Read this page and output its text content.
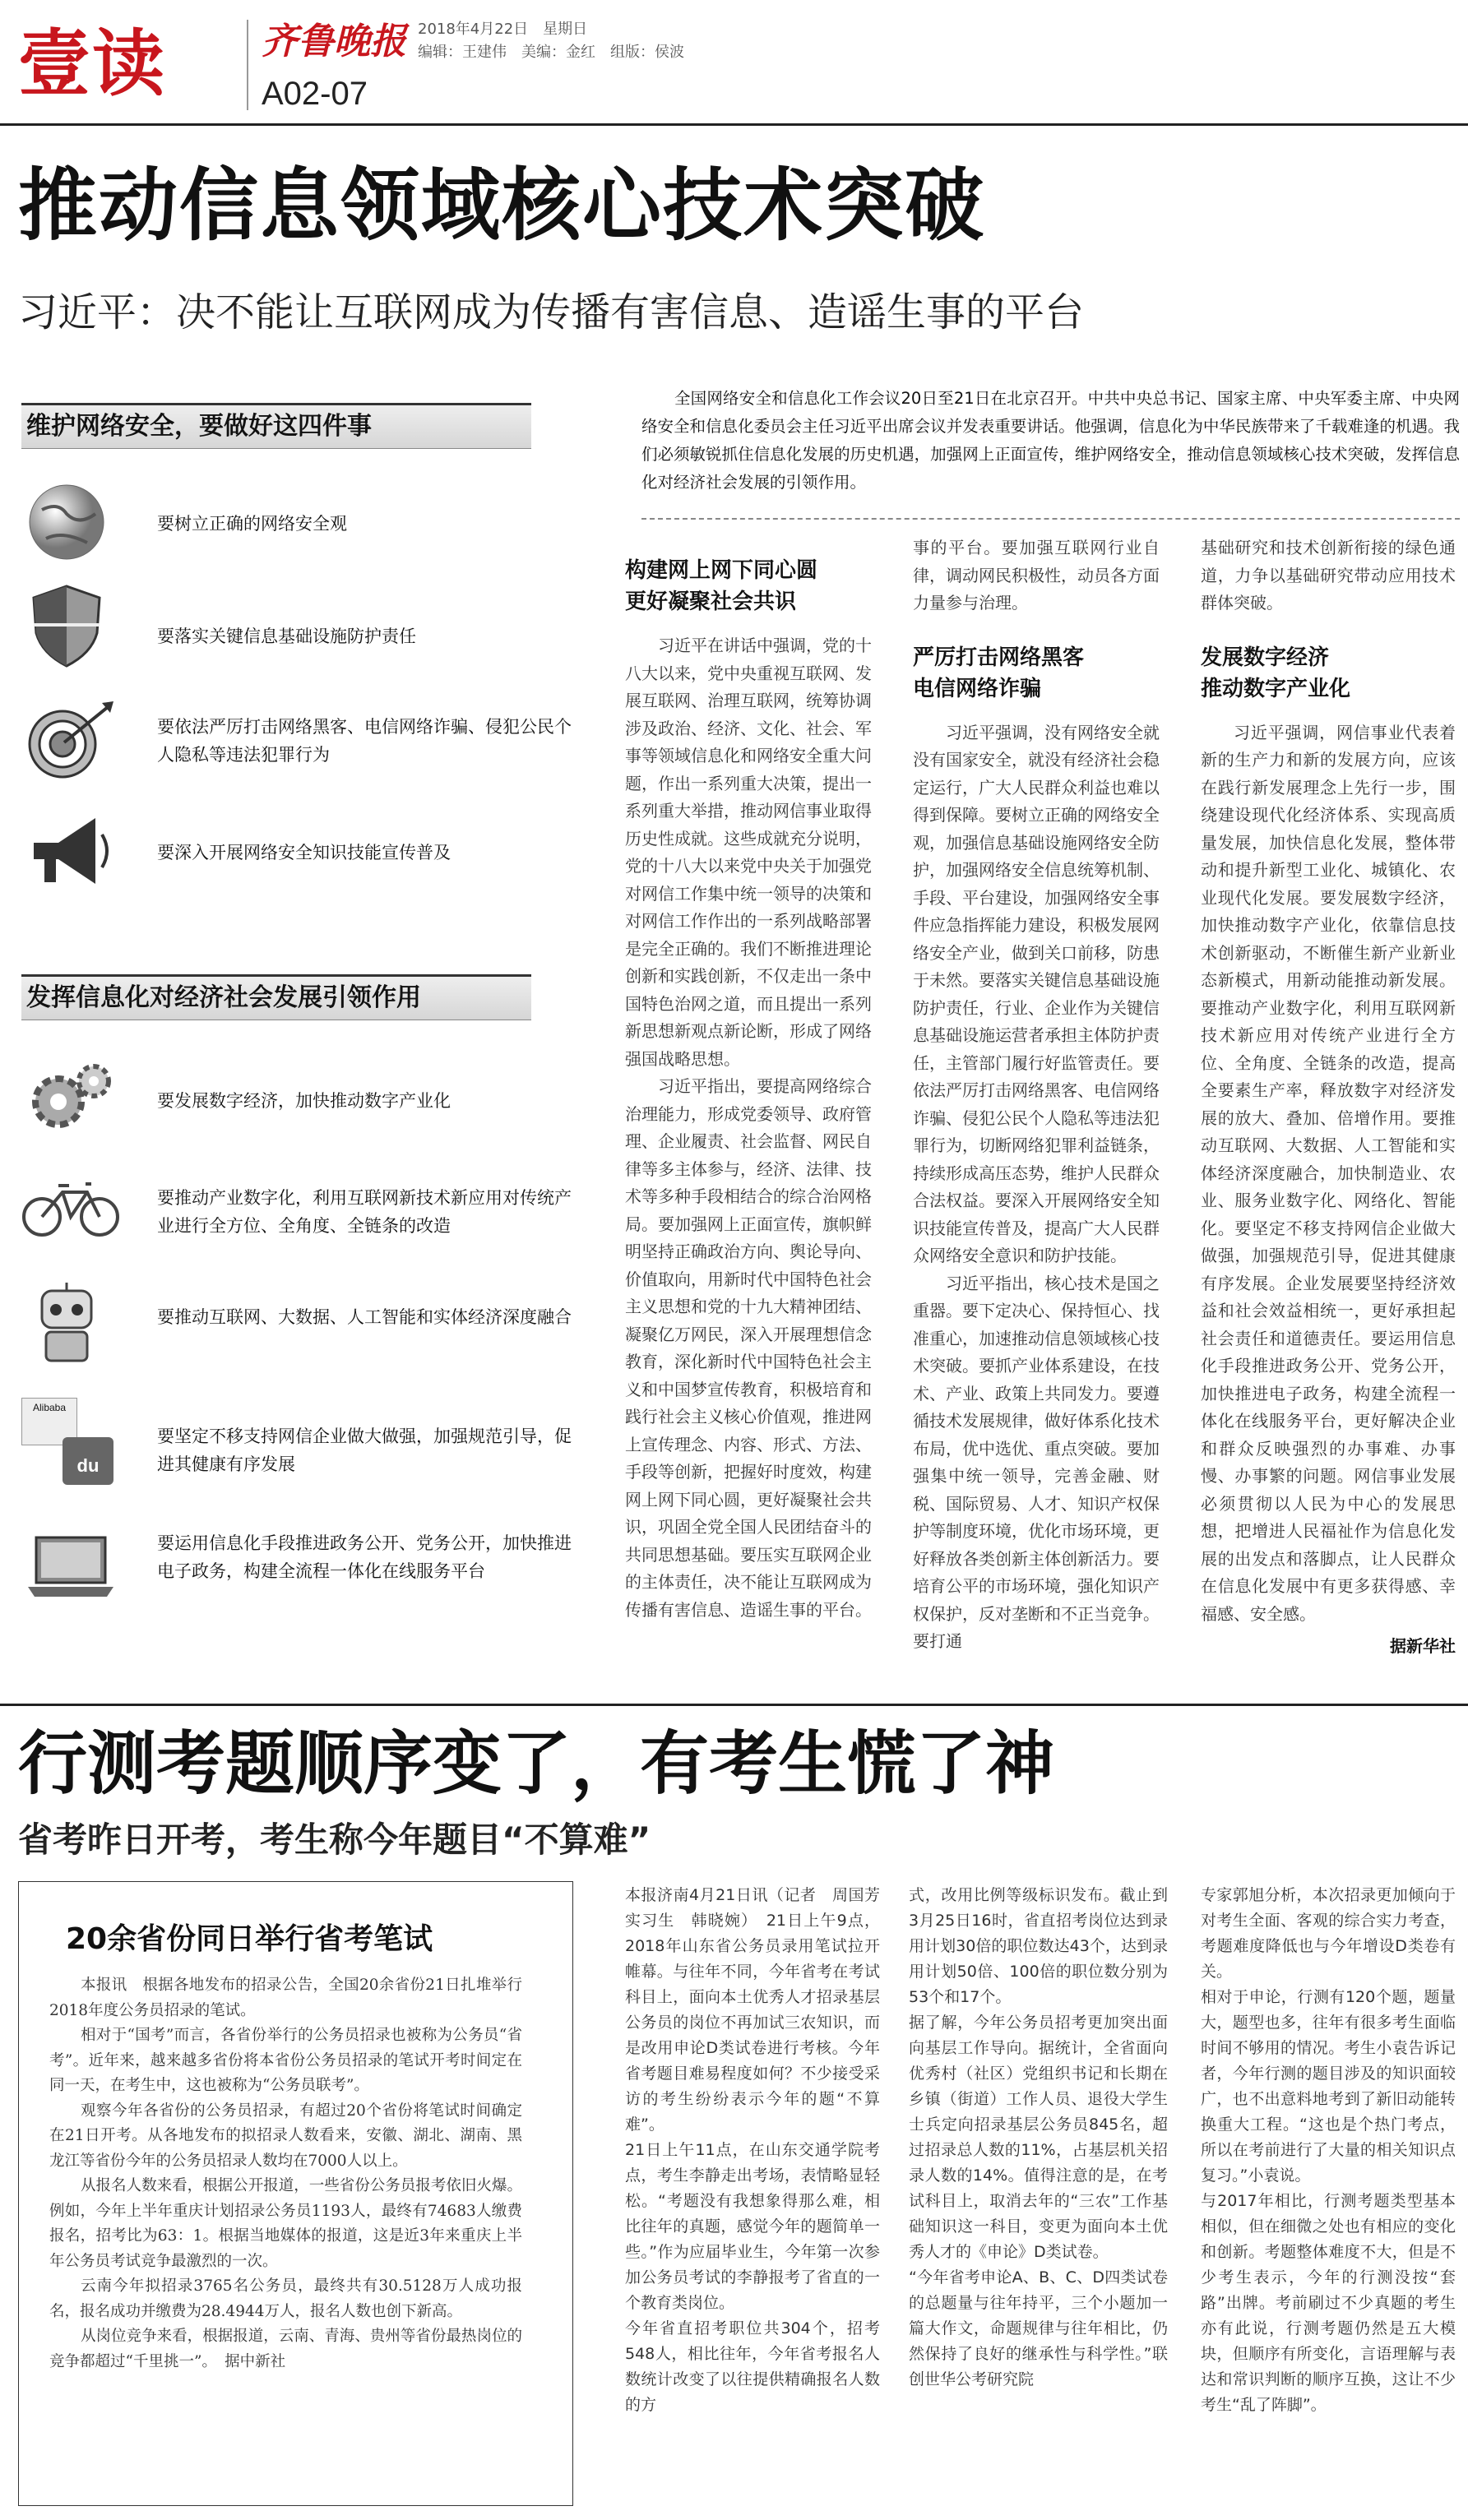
壹读	齐鲁晚报 2018年4月22日　星期日
编辑：王建伟　美编：金红　组版：侯波
A02-07
推动信息领域核心技术突破
习近平：决不能让互联网成为传播有害信息、造谣生事的平台
维护网络安全，要做好这四件事
要树立正确的网络安全观
要落实关键信息基础设施防护责任
要依法严厉打击网络黑客、电信网络诈骗、侵犯公民个人隐私等违法犯罪行为
要深入开展网络安全知识技能宣传普及
发挥信息化对经济社会发展引领作用
要发展数字经济，加快推动数字产业化
要推动产业数字化，利用互联网新技术新应用对传统产业进行全方位、全角度、全链条的改造
要推动互联网、大数据、人工智能和实体经济深度融合
Alibaba
du
要坚定不移支持网信企业做大做强，加强规范引导，促进其健康有序发展
要运用信息化手段推进政务公开、党务公开，加快推进电子政务，构建全流程一体化在线服务平台
全国网络安全和信息化工作会议20日至21日在北京召开。中共中央总书记、国家主席、中央军委主席、中央网络安全和信息化委员会主任习近平出席会议并发表重要讲话。他强调，信息化为中华民族带来了千载难逢的机遇。我们必须敏锐抓住信息化发展的历史机遇，加强网上正面宣传，维护网络安全，推动信息领域核心技术突破，发挥信息化对经济社会发展的引领作用。
构建网上网下同心圆
更好凝聚社会共识

习近平在讲话中强调，党的十八大以来，党中央重视互联网、发展互联网、治理互联网，统筹协调涉及政治、经济、文化、社会、军事等领域信息化和网络安全重大问题，作出一系列重大决策，提出一系列重大举措，推动网信事业取得历史性成就。这些成就充分说明，党的十八大以来党中央关于加强党对网信工作集中统一领导的决策和对网信工作作出的一系列战略部署是完全正确的。我们不断推进理论创新和实践创新，不仅走出一条中国特色治网之道，而且提出一系列新思想新观点新论断，形成了网络强国战略思想。

习近平指出，要提高网络综合治理能力，形成党委领导、政府管理、企业履责、社会监督、网民自律等多主体参与，经济、法律、技术等多种手段相结合的综合治网格局。要加强网上正面宣传，旗帜鲜明坚持正确政治方向、舆论导向、价值取向，用新时代中国特色社会主义思想和党的十九大精神团结、凝聚亿万网民，深入开展理想信念教育，深化新时代中国特色社会主义和中国梦宣传教育，积极培育和践行社会主义核心价值观，推进网上宣传理念、内容、形式、方法、手段等创新，把握好时度效，构建网上网下同心圆，更好凝聚社会共识，巩固全党全国人民团结奋斗的共同思想基础。要压实互联网企业的主体责任，决不能让互联网成为传播有害信息、造谣生事的平台。

事的平台。要加强互联网行业自律，调动网民积极性，动员各方面力量参与治理。
严厉打击网络黑客
电信网络诈骗

习近平强调，没有网络安全就没有国家安全，就没有经济社会稳定运行，广大人民群众利益也难以得到保障。要树立正确的网络安全观，加强信息基础设施网络安全防护，加强网络安全信息统筹机制、手段、平台建设，加强网络安全事件应急指挥能力建设，积极发展网络安全产业，做到关口前移，防患于未然。要落实关键信息基础设施防护责任，行业、企业作为关键信息基础设施运营者承担主体防护责任，主管部门履行好监管责任。要依法严厉打击网络黑客、电信网络诈骗、侵犯公民个人隐私等违法犯罪行为，切断网络犯罪利益链条，持续形成高压态势，维护人民群众合法权益。要深入开展网络安全知识技能宣传普及，提高广大人民群众网络安全意识和防护技能。

习近平指出，核心技术是国之重器。要下定决心、保持恒心、找准重心，加速推动信息领域核心技术突破。要抓产业体系建设，在技术、产业、政策上共同发力。要遵循技术发展规律，做好体系化技术布局，优中选优、重点突破。要加强集中统一领导，完善金融、财税、国际贸易、人才、知识产权保护等制度环境，优化市场环境，更好释放各类创新主体创新活力。要培育公平的市场环境，强化知识产权保护，反对垄断和不正当竞争。要打通

基础研究和技术创新衔接的绿色通道，力争以基础研究带动应用技术群体突破。
发展数字经济
推动数字产业化

习近平强调，网信事业代表着新的生产力和新的发展方向，应该在践行新发展理念上先行一步，围绕建设现代化经济体系、实现高质量发展，加快信息化发展，整体带动和提升新型工业化、城镇化、农业现代化发展。要发展数字经济，加快推动数字产业化，依靠信息技术创新驱动，不断催生新产业新业态新模式，用新动能推动新发展。要推动产业数字化，利用互联网新技术新应用对传统产业进行全方位、全角度、全链条的改造，提高全要素生产率，释放数字对经济发展的放大、叠加、倍增作用。要推动互联网、大数据、人工智能和实体经济深度融合，加快制造业、农业、服务业数字化、网络化、智能化。要坚定不移支持网信企业做大做强，加强规范引导，促进其健康有序发展。企业发展要坚持经济效益和社会效益相统一，更好承担起社会责任和道德责任。要运用信息化手段推进政务公开、党务公开，加快推进电子政务，构建全流程一体化在线服务平台，更好解决企业和群众反映强烈的办事难、办事慢、办事繁的问题。网信事业发展必须贯彻以人民为中心的发展思想，把增进人民福祉作为信息化发展的出发点和落脚点，让人民群众在信息化发展中有更多获得感、幸福感、安全感。

据新华社
行测考题顺序变了，有考生慌了神
省考昨日开考，考生称今年题目“不算难”
20余省份同日举行省考笔试

本报讯　根据各地发布的招录公告，全国20余省份21日扎堆举行2018年度公务员招录的笔试。

相对于“国考”而言，各省份举行的公务员招录也被称为公务员“省考”。近年来，越来越多省份将本省份公务员招录的笔试开考时间定在同一天，在考生中，这也被称为“公务员联考”。

观察今年各省份的公务员招录，有超过20个省份将笔试时间确定在21日开考。从各地发布的拟招录人数看来，安徽、湖北、湖南、黑龙江等省份今年的公务员招录人数均在7000人以上。

从报名人数来看，根据公开报道，一些省份公务员报考依旧火爆。例如，今年上半年重庆计划招录公务员1193人，最终有74683人缴费报名，招考比为63：1。根据当地媒体的报道，这是近3年来重庆上半年公务员考试竞争最激烈的一次。

云南今年拟招录3765名公务员，最终共有30.5128万人成功报名，报名成功并缴费为28.4944万人，报名人数也创下新高。

从岗位竞争来看，根据报道，云南、青海、贵州等省份最热岗位的竞争都超过“千里挑一”。　据中新社

本报济南4月21日讯（记者　周国芳　实习生　韩晓婉）　21日上午9点，2018年山东省公务员录用笔试拉开帷幕。与往年不同，今年省考在考试科目上，面向本土优秀人才招录基层公务员的岗位不再加试三农知识，而是改用申论D类试卷进行考核。今年省考题目难易程度如何？不少接受采访的考生纷纷表示今年的题“不算难”。
21日上午11点，在山东交通学院考点，考生李静走出考场，表情略显轻松。“考题没有我想象得那么难，相比往年的真题，感觉今年的题简单一些。”作为应届毕业生，今年第一次参加公务员考试的李静报考了省直的一个教育类岗位。
今年省直招考职位共304个，招考548人，相比往年，今年省考报名人数统计改变了以往提供精确报名人数的方
式，改用比例等级标识发布。截止到3月25日16时，省直招考岗位达到录用计划30倍的职位数达43个，达到录用计划50倍、100倍的职位数分别为53个和17个。
据了解，今年公务员招考更加突出面向基层工作导向。据统计，全省面向优秀村（社区）党组织书记和长期在乡镇（街道）工作人员、退役大学生士兵定向招录基层公务员845名，超过招录总人数的11%，占基层机关招录人数的14%。值得注意的是，在考试科目上，取消去年的“三农”工作基础知识这一科目，变更为面向本土优秀人才的《申论》D类试卷。
“今年省考申论A、B、C、D四类试卷的总题量与往年持平，三个小题加一篇大作文，命题规律与往年相比，仍然保持了良好的继承性与科学性。”联创世华公考研究院
专家郭旭分析，本次招录更加倾向于对考生全面、客观的综合实力考查，考题难度降低也与今年增设D类卷有关。
相对于申论，行测有120个题，题量大，题型也多，往年有很多考生面临时间不够用的情况。考生小袁告诉记者，今年行测的题目涉及的知识面较广，也不出意料地考到了新旧动能转换重大工程。“这也是个热门考点，所以在考前进行了大量的相关知识点复习。”小袁说。
与2017年相比，行测考题类型基本相似，但在细微之处也有相应的变化和创新。考题整体难度不大，但是不少考生表示，今年的行测没按“套路”出牌。考前刷过不少真题的考生亦有此说，行测考题仍然是五大模块，但顺序有所变化，言语理解与表达和常识判断的顺序互换，这让不少考生“乱了阵脚”。
